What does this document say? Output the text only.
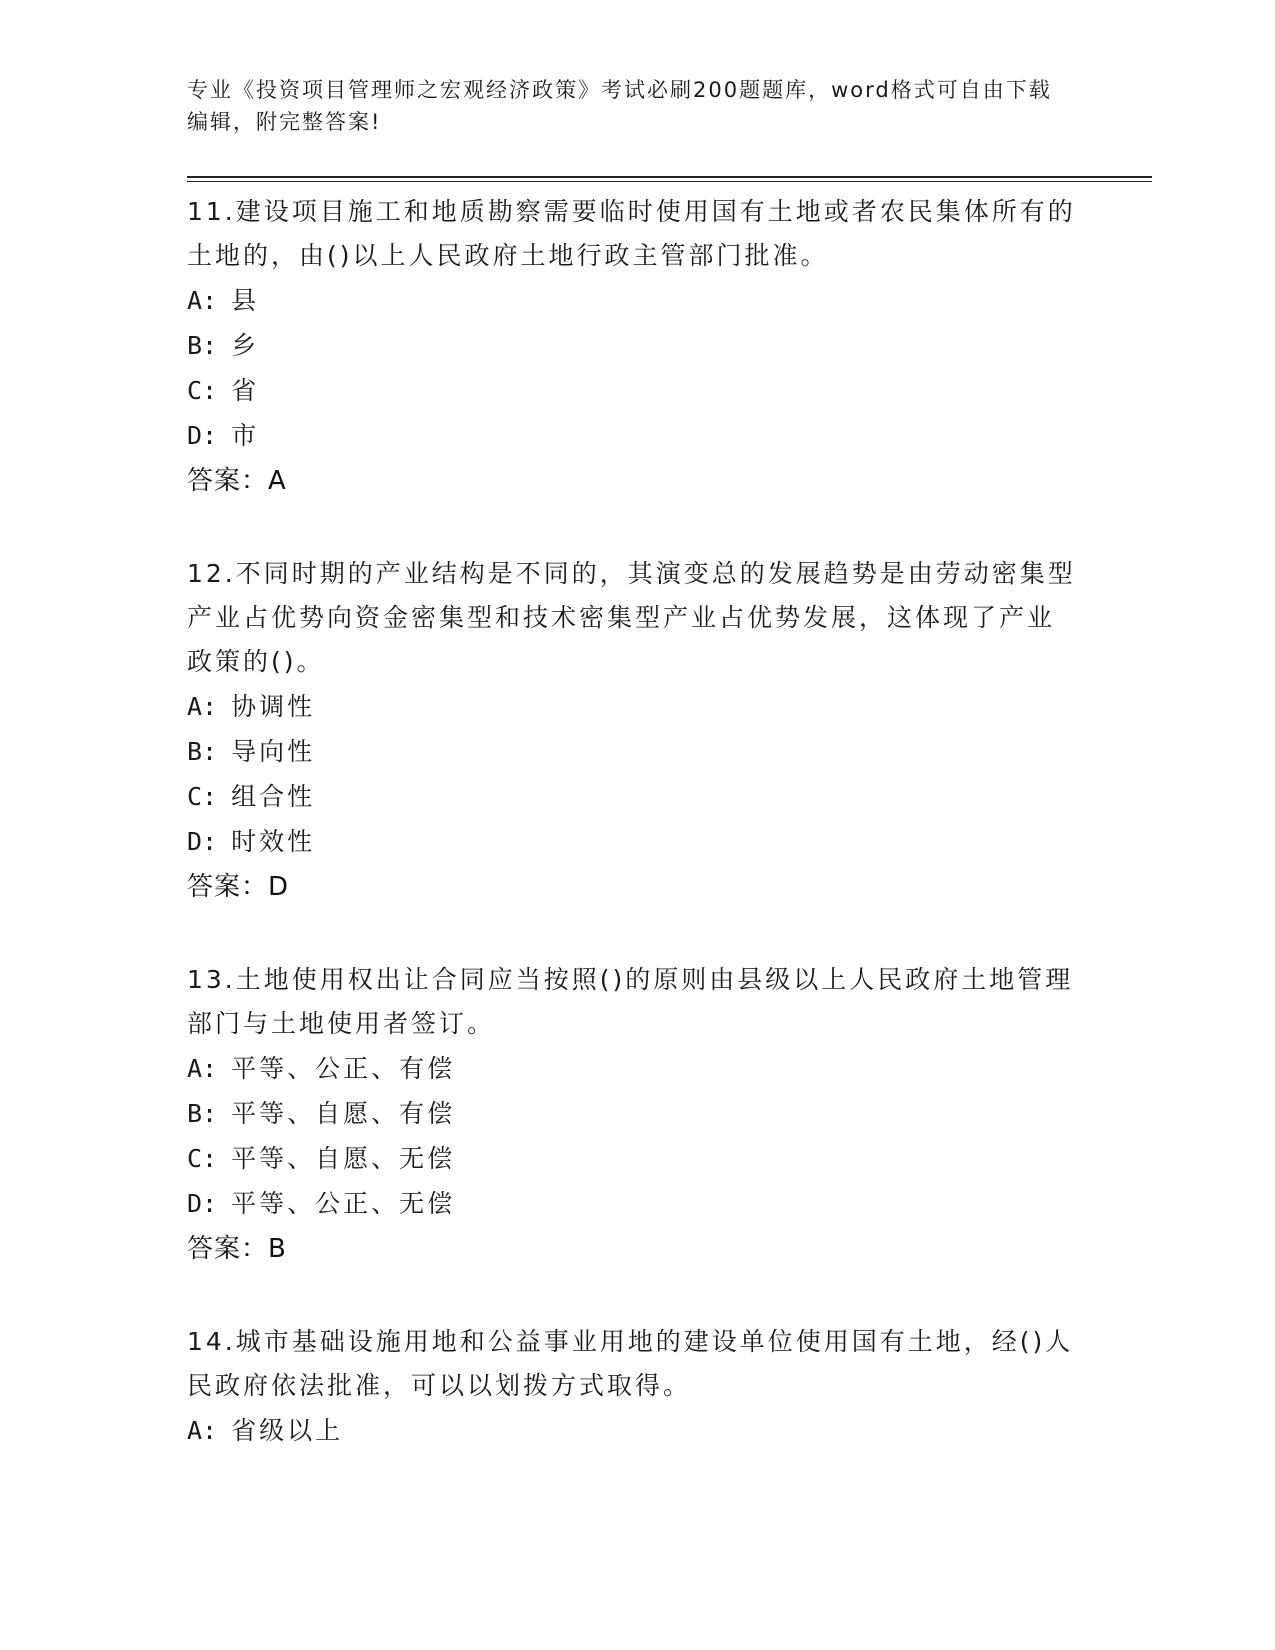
专业《投资项目管理师之宏观经济政策》考试必刷200题题库，word格式可自由下载编辑，附完整答案!
11.建设项目施工和地质勘察需要临时使用国有土地或者农民集体所有的土地的，由()以上人民政府土地行政主管部门批准。
A: 县
B: 乡
C: 省
D: 市
答案：A
12.不同时期的产业结构是不同的，其演变总的发展趋势是由劳动密集型产业占优势向资金密集型和技术密集型产业占优势发展，这体现了产业政策的()。
A: 协调性
B: 导向性
C: 组合性
D: 时效性
答案：D
13.土地使用权出让合同应当按照()的原则由县级以上人民政府土地管理部门与土地使用者签订。
A: 平等、公正、有偿
B: 平等、自愿、有偿
C: 平等、自愿、无偿
D: 平等、公正、无偿
答案：B
14.城市基础设施用地和公益事业用地的建设单位使用国有土地，经()人民政府依法批准，可以以划拨方式取得。
A: 省级以上
